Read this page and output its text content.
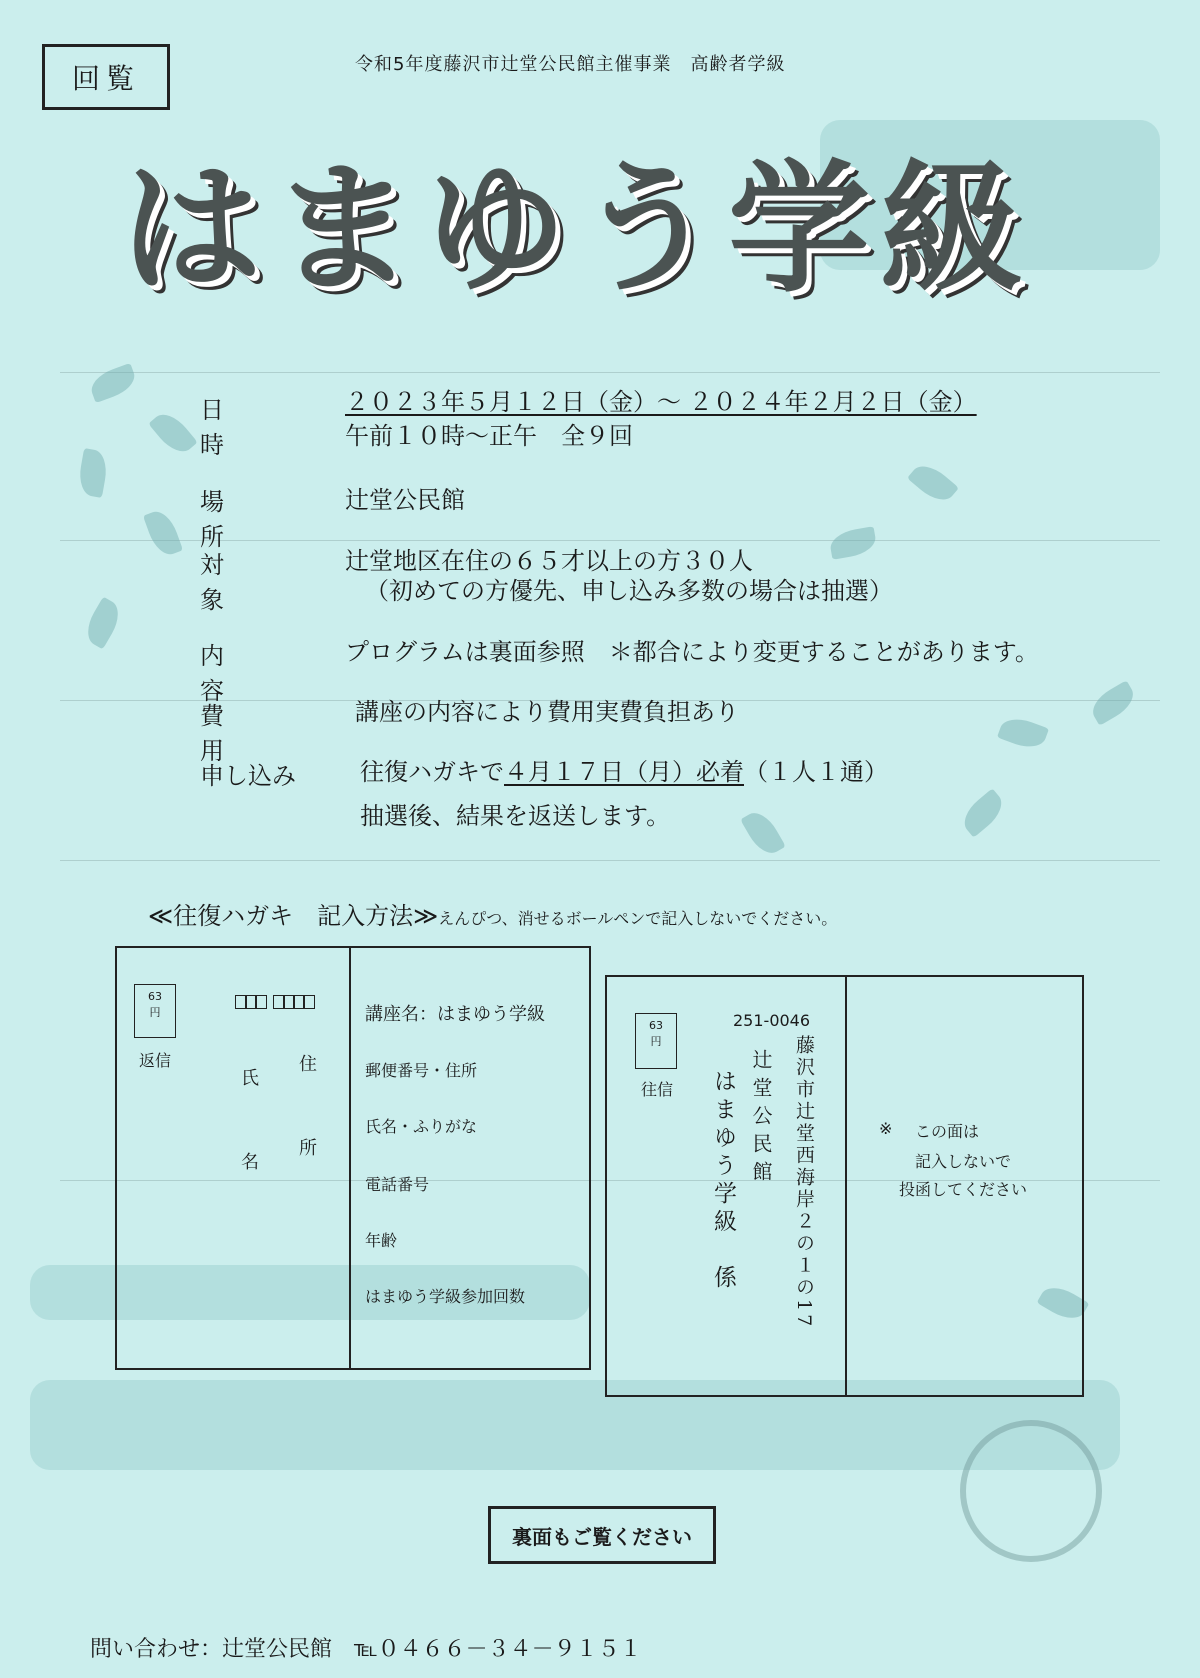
回覧	令和5年度藤沢市辻堂公民館主催事業　高齢者学級
はまゆう学級
日　時
２０２３年５月１２日（金）～ ２０２４年２月２日（金）
午前１０時～正午　全９回
場　所
辻堂公民館
対　象
辻堂地区在住の６５才以上の方３０人
（初めての方優先、申し込み多数の場合は抽選）
内　容
プログラムは裏面参照　＊都合により変更することがあります。
費　用
講座の内容により費用実費負担あり
申し込み	往復ハガキで４月１７日（月）必着（１人１通）
抽選後、結果を返送します。
≪往復ハガキ　記入方法≫えんぴつ、消せるボールペンで記入しないでください。
63
円
返信	住　所
氏　名
講座名：はまゆう学級
郵便番号・住所
氏名・ふりがな
電話番号
年齢
はまゆう学級参加回数
63
円
往信
251-0046
藤沢市辻堂西海岸２の１の17
辻堂公民館
はまゆう学級　係	※ この面は
記入しないで
投函してください
裏面もご覧ください
問い合わせ：辻堂公民館　℡０４６６－３４－９１５１
